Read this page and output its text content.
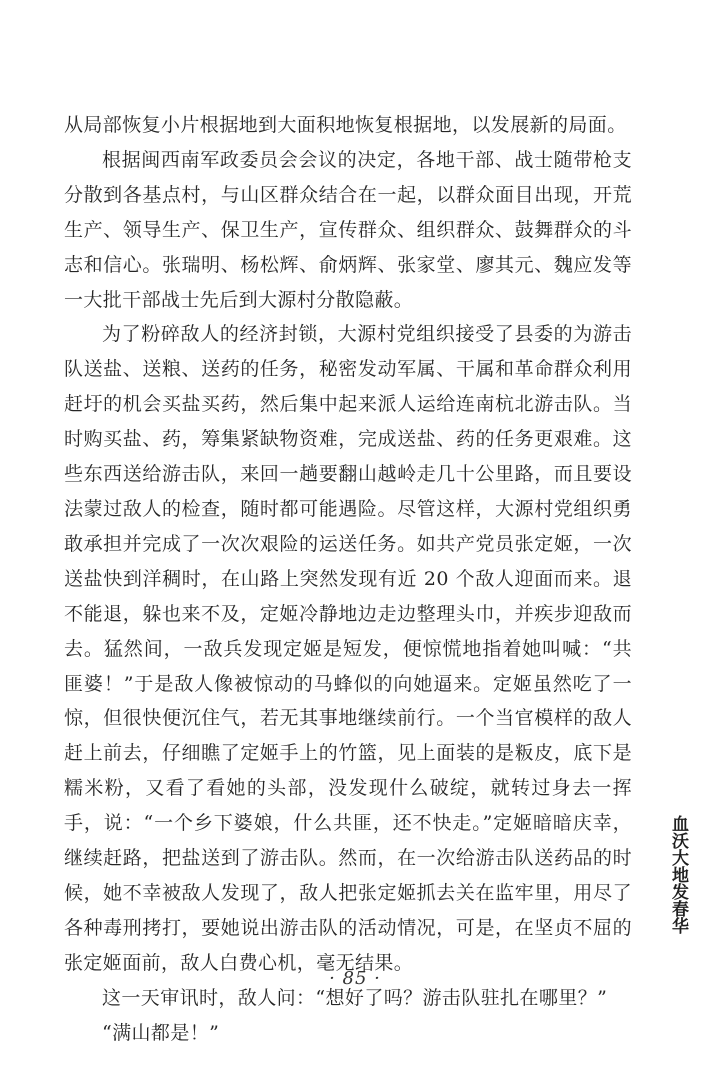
从局部恢复小片根据地到大面积地恢复根据地，以发展新的局面。

根据闽西南军政委员会会议的决定，各地干部、战士随带枪支分散到各基点村，与山区群众结合在一起，以群众面目出现，开荒生产、领导生产、保卫生产，宣传群众、组织群众、鼓舞群众的斗志和信心。张瑞明、杨松辉、俞炳辉、张家堂、廖其元、魏应发等一大批干部战士先后到大源村分散隐蔽。

为了粉碎敌人的经济封锁，大源村党组织接受了县委的为游击队送盐、送粮、送药的任务，秘密发动军属、干属和革命群众利用赶圩的机会买盐买药，然后集中起来派人运给连南杭北游击队。当时购买盐、药，筹集紧缺物资难，完成送盐、药的任务更艰难。这些东西送给游击队，来回一趟要翻山越岭走几十公里路，而且要设法蒙过敌人的检查，随时都可能遇险。尽管这样，大源村党组织勇敢承担并完成了一次次艰险的运送任务。如共产党员张定姬，一次送盐快到洋稠时，在山路上突然发现有近 20 个敌人迎面而来。退不能退，躲也来不及，定姬冷静地边走边整理头巾，并疾步迎敌而去。猛然间，一敌兵发现定姬是短发，便惊慌地指着她叫喊：“共匪婆！”于是敌人像被惊动的马蜂似的向她逼来。定姬虽然吃了一惊，但很快便沉住气，若无其事地继续前行。一个当官模样的敌人赶上前去，仔细瞧了定姬手上的竹篮，见上面装的是粄皮，底下是糯米粉，又看了看她的头部，没发现什么破绽，就转过身去一挥手，说：“一个乡下婆娘，什么共匪，还不快走。”定姬暗暗庆幸，继续赶路，把盐送到了游击队。然而，在一次给游击队送药品的时候，她不幸被敌人发现了，敌人把张定姬抓去关在监牢里，用尽了各种毒刑拷打，要她说出游击队的活动情况，可是，在坚贞不屈的张定姬面前，敌人白费心机，毫无结果。

这一天审讯时，敌人问：“想好了吗？游击队驻扎在哪里？”

“满山都是！”

血沃大地发春华
· 85 ·
